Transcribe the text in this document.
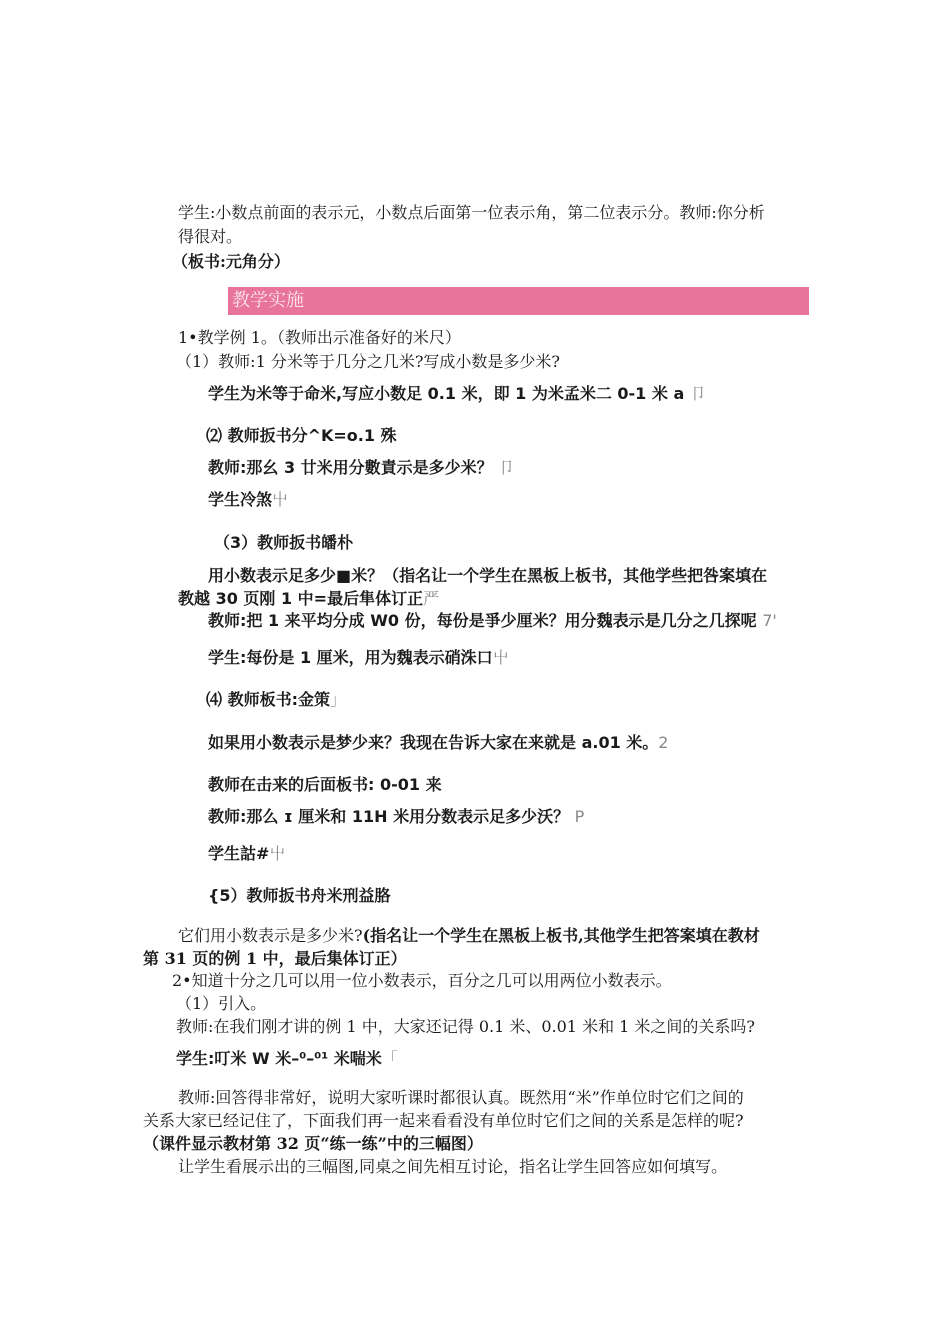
学生:小数点前面的表示元，小数点后面第一位表示角，第二位表示分。教师:你分析
得很对。
（板书:元角分）
教学实施
1•教学例 1。（教师出示准备好的米尺）
（1）教师:1 分米等于几分之几米?写成小数是多少米?
学生为米等于命米,写应小数足 0.1 米，即 1 为米孟米二 0-1 米 a 卩
⑵ 教师扳书分^K=o.1 殊
教师:那幺 3 廿米用分數責示是多少米？ 卩
学生冷煞屮
（3）教师扳书皤朴
用小数表示足多少■米？（指名让一个学生在黑板上板书，其他学些把咎案填在
教越 30 页刚 1 中=最后隼体订正严
教师:把 1 来平均分成 W0 份，每份是爭少厘米？用分魏表示是几分之几探呢 7'
学生:每份是 1 厘米，用为魏表示硝洙口屮
⑷ 教师板书:金策」
如果用小数表示是梦少来？我现在告诉大家在来就是 a.01 米。2
教师在击来的后面板书: 0-01 来
教师:那么 ɪ 厘米和 11H 米用分数表示足多少沃？ P
学生詁#屮
{5）教师扳书舟米刑益胳
它们用小数表示是多少米?(指名让一个学生在黑板上板书,其他学生把答案填在教材
第 31 页的例 1 中，最后集体订正）
2•知道十分之几可以用一位小数表示，百分之几可以用两位小数表示。
（1）引入。
教师:在我们刚才讲的例 1 中，大家还记得 0.1 米、0.01 米和 1 米之间的关系吗?
学生:叮米 W 米–⁰–⁰¹ 米喘米「
教师:回答得非常好，说明大家听课时都很认真。既然用“米”作单位时它们之间的
关系大家已经记住了，下面我们再一起来看看没有单位时它们之间的关系是怎样的呢?
（课件显示教材第 32 页“练一练”中的三幅图）
让学生看展示出的三幅图,同桌之间先相互讨论，指名让学生回答应如何填写。
